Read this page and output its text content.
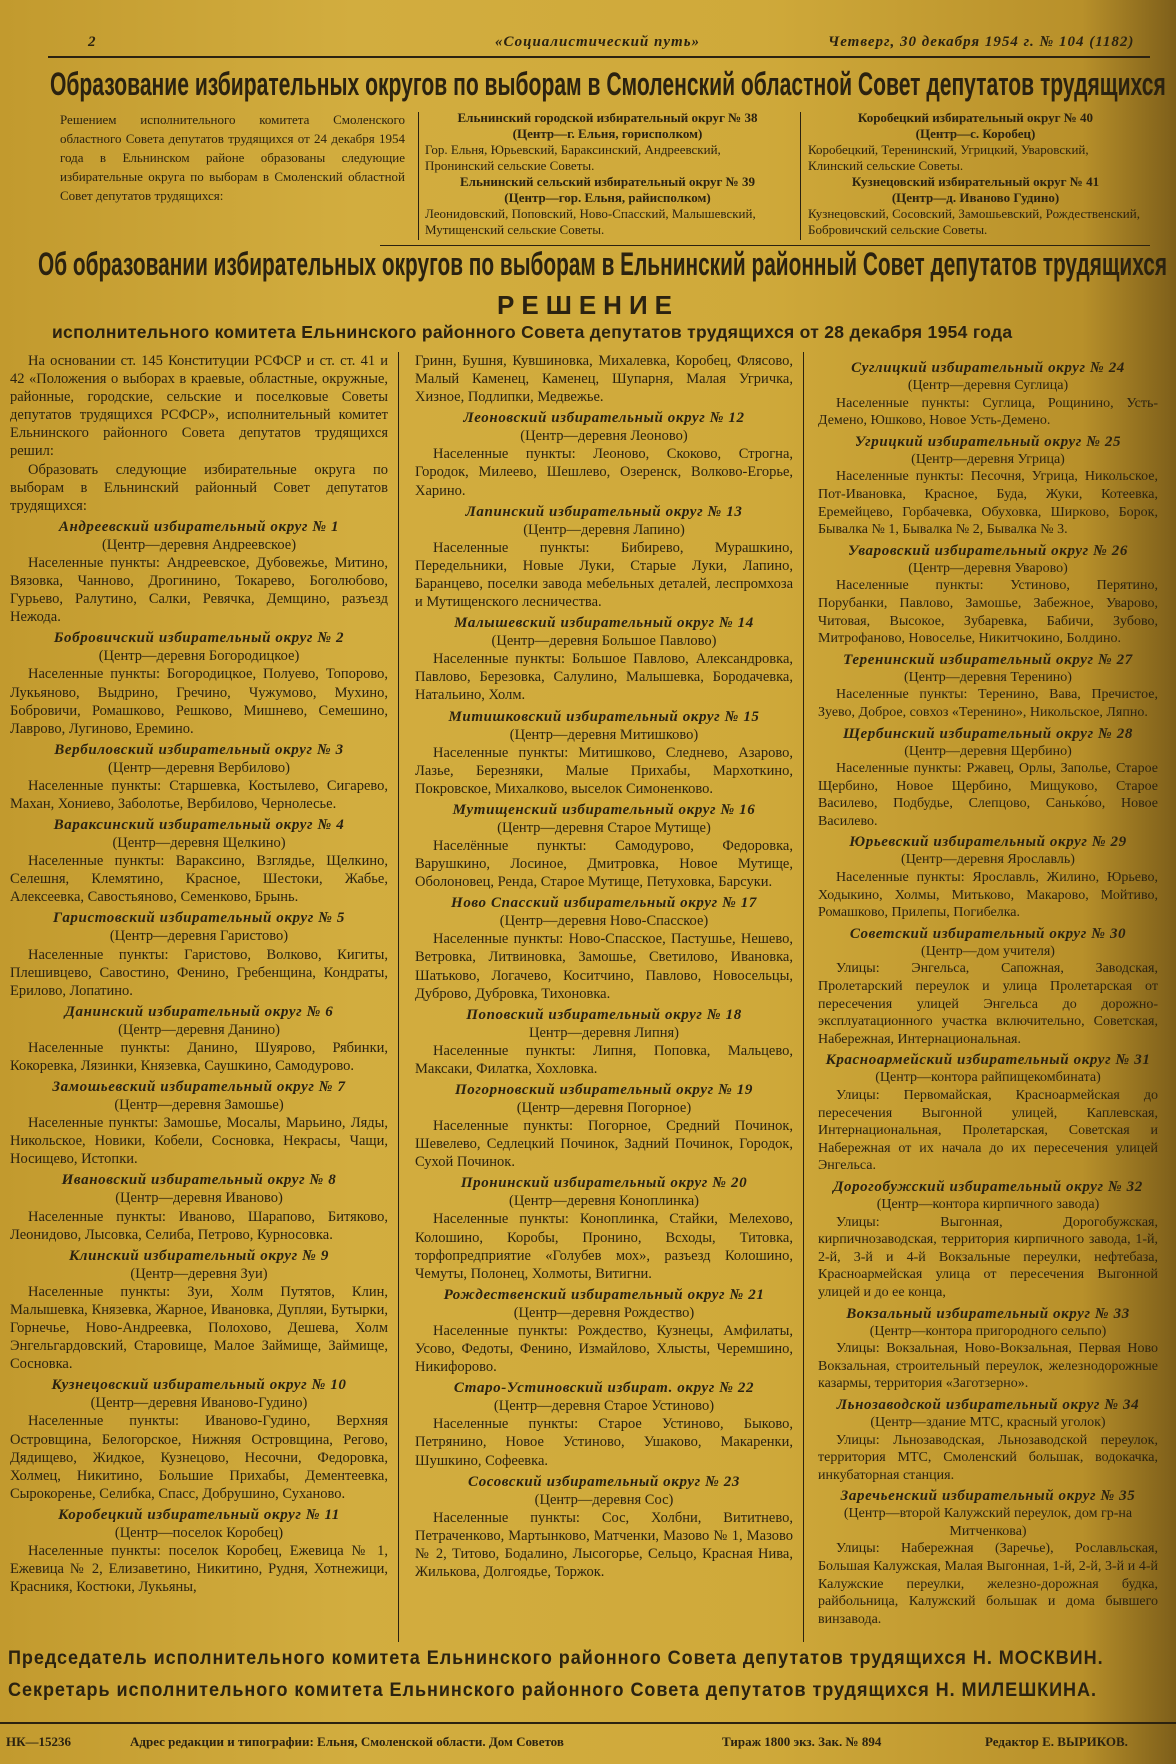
2	«Социалистический путь»	Четверг, 30 декабря 1954 г. № 104 (1182)
Образование избирательных округов по выборам в Смоленский областной Совет депутатов трудящихся
Решением исполнительного комитета Смоленского областного Совета депутатов трудящихся от 24 декабря 1954 года в Ельнинском районе образованы следующие избирательные округа по выборам в Смоленский областной Совет депутатов трудящихся:
Ельнинский городской избирательный округ № 38
(Центр—г. Ельня, горисполком)
Гор. Ельня, Юрьевский, Бараксинский, Андреевский, Пронинский сельские Советы.
Ельнинский сельский избирательный округ № 39
(Центр—гор. Ельня, райисполком)
Леонидовский, Поповский, Ново-Спасский, Малышевский, Мутищенский сельские Советы.
Коробецкий избирательный округ № 40
(Центр—с. Коробец)
Коробецкий, Теренинский, Угрицкий, Уваровский, Клинский сельские Советы.
Кузнецовский избирательный округ № 41
(Центр—д. Иваново Гудино)
Кузнецовский, Сосовский, Замошьевский, Рождественский, Бобровичский сельские Советы.
Об образовании избирательных округов по выборам в Ельнинский районный Совет депутатов трудящихся
РЕШЕНИЕ
исполнительного комитета Ельнинского районного Совета депутатов трудящихся от 28 декабря 1954 года

На основании ст. 145 Конституции РСФСР и ст. ст. 41 и 42 «Положения о выборах в краевые, областные, окружные, районные, городские, сельские и поселковые Советы депутатов трудящихся РСФСР», исполнительный комитет Ельнинского районного Совета депутатов трудящихся решил:

Образовать следующие избирательные округа по выборам в Ельнинский районный Совет депутатов трудящихся:

Андреевский избирательный округ № 1
(Центр—деревня Андреевское)

Населенные пункты: Андреевское, Дубовежье, Митино, Вязовка, Чанново, Дрогинино, Токарево, Боголюбово, Гурьево, Ралутино, Салки, Ревячка, Демщино, разъезд Нежода.

Бобровичский избирательный округ № 2
(Центр—деревня Богородицкое)

Населенные пункты: Богородицкое, Полуево, Топорово, Лукьяново, Выдрино, Гречино, Чужумово, Мухино, Бобровичи, Ромашково, Решково, Мишнево, Семешино, Лаврово, Лугиново, Еремино.

Вербиловский избирательный округ № 3
(Центр—деревня Вербилово)

Населенные пункты: Старшевка, Костылево, Сигарево, Махан, Хониево, Заболотье, Вербилово, Чернолесье.

Вараксинский избирательный округ № 4
(Центр—деревня Щелкино)

Населенные пункты: Вараксино, Взглядье, Щелкино, Селешня, Клемятино, Красное, Шестоки, Жабье, Алексеевка, Савостьяново, Семенково, Брынь.

Гаристовский избирательный округ № 5
(Центр—деревня Гаристово)

Населенные пункты: Гаристово, Волково, Кигиты, Плешивцево, Савостино, Фенино, Гребенщина, Кондраты, Ерилово, Лопатино.

Данинский избирательный округ № 6
(Центр—деревня Данино)

Населенные пункты: Данино, Шуярово, Рябинки, Кокоревка, Лязинки, Князевка, Саушкино, Самодурово.

Замошьевский избирательный округ № 7
(Центр—деревня Замошье)

Населенные пункты: Замошье, Мосалы, Марьино, Ляды, Никольское, Новики, Кобели, Сосновка, Некрасы, Чащи, Носищево, Истопки.

Ивановский избирательный округ № 8
(Центр—деревня Иваново)

Населенные пункты: Иваново, Шарапово, Битяково, Леонидово, Лысовка, Селиба, Петрово, Курносовка.

Клинский избирательный округ № 9
(Центр—деревня Зуи)

Населенные пункты: Зуи, Холм Путятов, Клин, Малышевка, Князевка, Жарное, Ивановка, Дупляи, Бутырки, Горнечье, Ново-Андреевка, Полохово, Дешева, Холм Энгельгардовский, Старовище, Малое Займище, Займище, Сосновка.

Кузнецовский избирательный округ № 10
(Центр—деревня Иваново-Гудино)

Населенные пункты: Иваново-Гудино, Верхняя Островщина, Белогорское, Нижняя Островщина, Регово, Дядищево, Жидкое, Кузнецово, Несочни, Федоровка, Холмец, Никитино, Большие Прихабы, Дементеевка, Сырокоренье, Селибка, Спасс, Добрушино, Суханово.

Коробецкий избирательный округ № 11
(Центр—поселок Коробец)

Населенные пункты: поселок Коробец, Ежевица № 1, Ежевица № 2, Елизаветино, Никитино, Рудня, Хотнежици, Красникя, Костюки, Лукьяны,

Гринн, Бушня, Кувшиновка, Михалевка, Коробец, Флясово, Малый Каменец, Каменец, Шупарня, Малая Угричка, Хизное, Подлипки, Медвежье.

Леоновский избирательный округ № 12
(Центр—деревня Леоново)

Населенные пункты: Леоново, Скоково, Строгна, Городок, Милеево, Шешлево, Озеренск, Волково-Егорье, Харино.

Лапинский избирательный округ № 13
(Центр—деревня Лапино)

Населенные пункты: Бибирево, Мурашкино, Передельники, Новые Луки, Старые Луки, Лапино, Баранцево, поселки завода мебельных деталей, леспромхоза и Мутищенского лесничества.

Малышевский избирательный округ № 14
(Центр—деревня Большое Павлово)

Населенные пункты: Большое Павлово, Александровка, Павлово, Березовка, Салулино, Малышевка, Бородачевка, Натальино, Холм.

Митишковский избирательный округ № 15
(Центр—деревня Митишково)

Населенные пункты: Митишково, Следнево, Азарово, Лазье, Березняки, Малые Прихабы, Мархоткино, Покровское, Михалково, выселок Симоненково.

Мутищенский избирательный округ № 16
(Центр—деревня Старое Мутище)

Населённые пункты: Самодурово, Федоровка, Варушкино, Лосиное, Дмитровка, Новое Мутище, Оболоновец, Ренда, Старое Мутище, Петуховка, Барсуки.

Ново Спасский избирательный округ № 17
(Центр—деревня Ново-Спасское)

Населенные пункты: Ново-Спасское, Пастушье, Нешево, Ветровка, Литвиновка, Замошье, Светилово, Ивановка, Шатьково, Логачево, Коситчино, Павлово, Новосельцы, Дуброво, Дубровка, Тихоновка.

Поповский избирательный округ № 18
Центр—деревня Липня)

Населенные пункты: Липня, Поповка, Мальцево, Максаки, Филатка, Хохловка.

Погорновский избирательный округ № 19
(Центр—деревня Погорное)

Населенные пункты: Погорное, Средний Починок, Шевелево, Седлецкий Починок, Задний Починок, Городок, Сухой Починок.

Пронинский избирательный округ № 20
(Центр—деревня Коноплинка)

Населенные пункты: Коноплинка, Стайки, Мелехово, Колошино, Коробы, Пронино, Всходы, Титовка, торфопредприятие «Голубев мох», разъезд Колошино, Чемуты, Полонец, Холмоты, Витигни.

Рождественский избирательный округ № 21
(Центр—деревня Рождество)

Населенные пункты: Рождество, Кузнецы, Амфилаты, Усово, Федоты, Фенино, Измайлово, Хлысты, Черемшино, Никифорово.

Старо-Устиновский избират. округ № 22
(Центр—деревня Старое Устиново)

Населенные пункты: Старое Устиново, Быково, Петрянино, Новое Устиново, Ушаково, Макаренки, Шушкино, Софеевка.

Сосовский избирательный округ № 23
(Центр—деревня Сос)

Населенные пункты: Сос, Холбни, Вититнево, Петраченково, Мартынково, Матченки, Мазово № 1, Мазово № 2, Титово, Бодалино, Лысогорье, Сельцо, Красная Нива, Жилькова, Долгоядье, Торжок.

Суглицкий избирательный округ № 24
(Центр—деревня Суглица)

Населенные пункты: Суглица, Рощинино, Усть-Демено, Юшково, Новое Усть-Демено.

Угрицкий избирательный округ № 25
(Центр—деревня Угрица)

Населенные пункты: Песочня, Угрица, Никольское, Пот-Ивановка, Красное, Буда, Жуки, Котеевка, Еремейцево, Горбачевка, Обуховка, Ширково, Борок, Бывалка № 1, Бывалка № 2, Бывалка № 3.

Уваровский избирательный округ № 26
(Центр—деревня Уварово)

Населенные пункты: Устиново, Перятино, Порубанки, Павлово, Замошье, Забежное, Уварово, Читовая, Высокое, Зубаревка, Бабичи, Зубово, Митрофаново, Новоселье, Никитчокино, Болдино.

Теренинский избирательный округ № 27
(Центр—деревня Теренино)

Населенные пункты: Теренино, Вава, Пречистое, Зуево, Доброе, совхоз «Теренино», Никольское, Ляпно.

Щербинский избирательный округ № 28
(Центр—деревня Щербино)

Населенные пункты: Ржавец, Орлы, Заполье, Старое Щербино, Новое Щербино, Мищуково, Старое Василево, Подбудье, Слепцово, Санько́во, Новое Василево.

Юрьевский избирательный округ № 29
(Центр—деревня Ярославль)

Населенные пункты: Ярославль, Жилино, Юрьево, Ходыкино, Холмы, Митьково, Макарово, Мойтиво, Ромашково, Прилепы, Погибелка.

Советский избирательный округ № 30
(Центр—дом учителя)

Улицы: Энгельса, Сапожная, Заводская, Пролетарский переулок и улица Пролетарская от пересечения улицей Энгельса до дорожно-эксплуатационного участка включительно, Советская, Набережная, Интернациональная.

Красноармейский избирательный округ № 31
(Центр—контора райпищекомбината)

Улицы: Первомайская, Красноармейская до пересечения Выгонной улицей, Каплевская, Интернациональная, Пролетарская, Советская и Набережная от их начала до их пересечения улицей Энгельса.

Дорогобужский избирательный округ № 32
(Центр—контора кирпичного завода)

Улицы: Выгонная, Дорогобужская, кирпичнозаводская, территория кирпичного завода, 1-й, 2-й, 3-й и 4-й Вокзальные переулки, нефтебаза, Красноармейская улица от пересечения Выгонной улицей и до ее конца,

Вокзальный избирательный округ № 33
(Центр—контора пригородного сельпо)

Улицы: Вокзальная, Ново-Вокзальная, Первая Ново Вокзальная, строительный переулок, железнодорожные казармы, территория «Заготзерно».

Льнозаводской избирательный округ № 34
(Центр—здание МТС, красный уголок)

Улицы: Льнозаводская, Льнозаводской переулок, территория МТС, Смоленский большак, водокачка, инкубаторная станция.

Заречьенский избирательный округ № 35
(Центр—второй Калужский переулок, дом гр-на Митченкова)

Улицы: Набережная (Заречье), Рославльская, Большая Калужская, Малая Выгонная, 1-й, 2-й, 3-й и 4-й Калужские переулки, железно-дорожная будка, райбольница, Калужский большак и дома бывшего винзавода.

Председатель исполнительного комитета Ельнинского районного Совета депутатов трудящихся Н. МОСКВИН.
Секретарь исполнительного комитета Ельнинского районного Совета депутатов трудящихся Н. МИЛЕШКИНА.
НК—15236	Адрес редакции и типографии: Ельня, Смоленской области. Дом Советов	Тираж 1800 экз. Зак. № 894	Редактор Е. ВЫРИКОВ.
